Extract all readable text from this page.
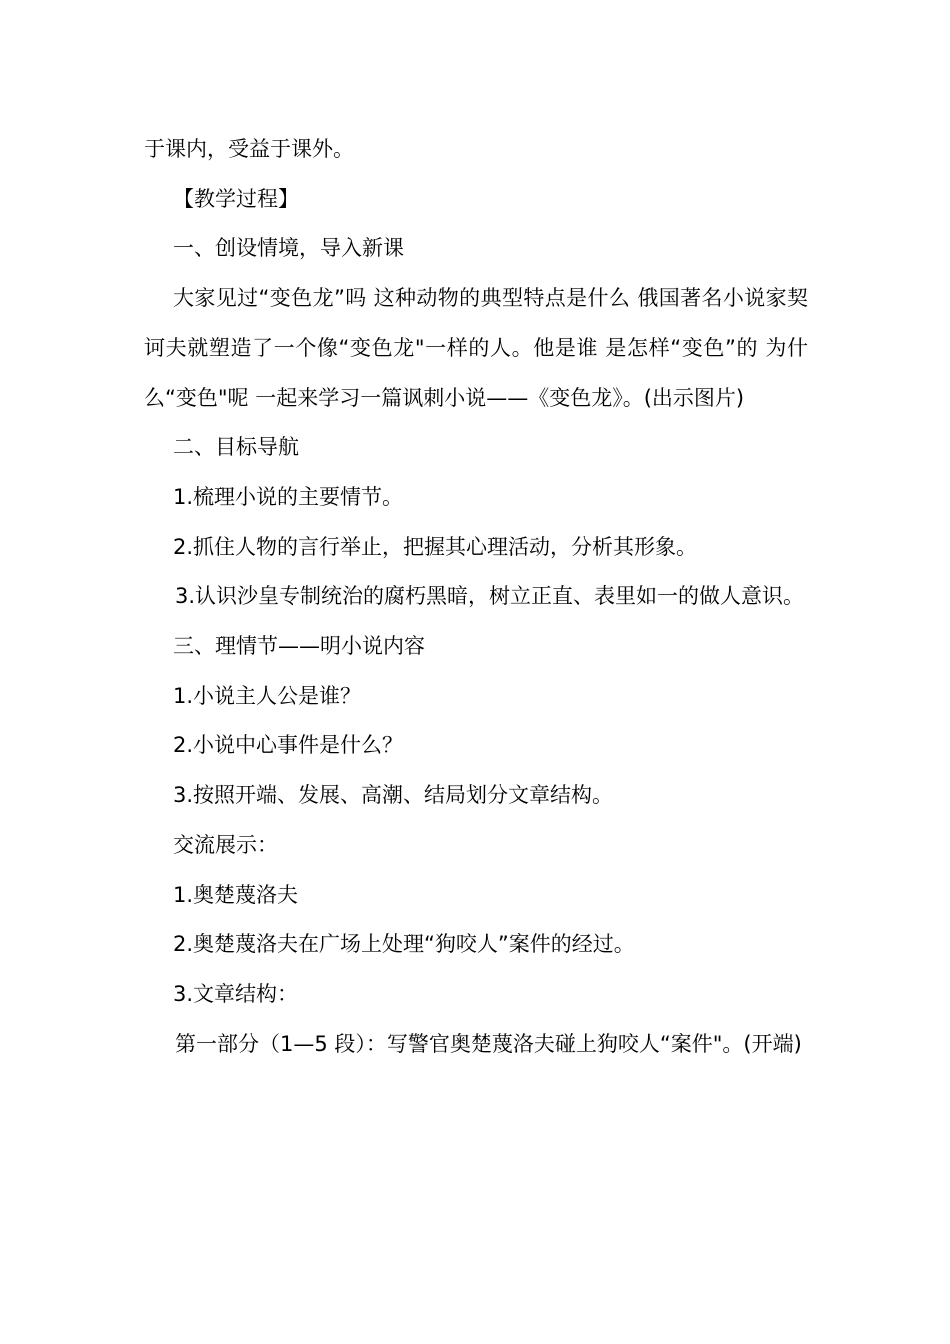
于课内，受益于课外。

【教学过程】

一、创设情境，导入新课

大家见过“变色龙”吗 这种动物的典型特点是什么 俄国著名小说家契诃夫就塑造了一个像“变色龙"一样的人。他是谁 是怎样“变色”的 为什么“变色"呢 一起来学习一篇讽刺小说——《变色龙》。(出示图片)

二、目标导航

1.梳理小说的主要情节。

2.抓住人物的言行举止，把握其心理活动，分析其形象。

3.认识沙皇专制统治的腐朽黑暗，树立正直、表里如一的做人意识。

三、理情节——明小说内容

1.小说主人公是谁？

2.小说中心事件是什么？

3.按照开端、发展、高潮、结局划分文章结构。

交流展示：

1.奥楚蔑洛夫

2.奥楚蔑洛夫在广场上处理“狗咬人”案件的经过。

3.文章结构：

第一部分（1—5 段）：写警官奥楚蔑洛夫碰上狗咬人“案件"。(开端)
